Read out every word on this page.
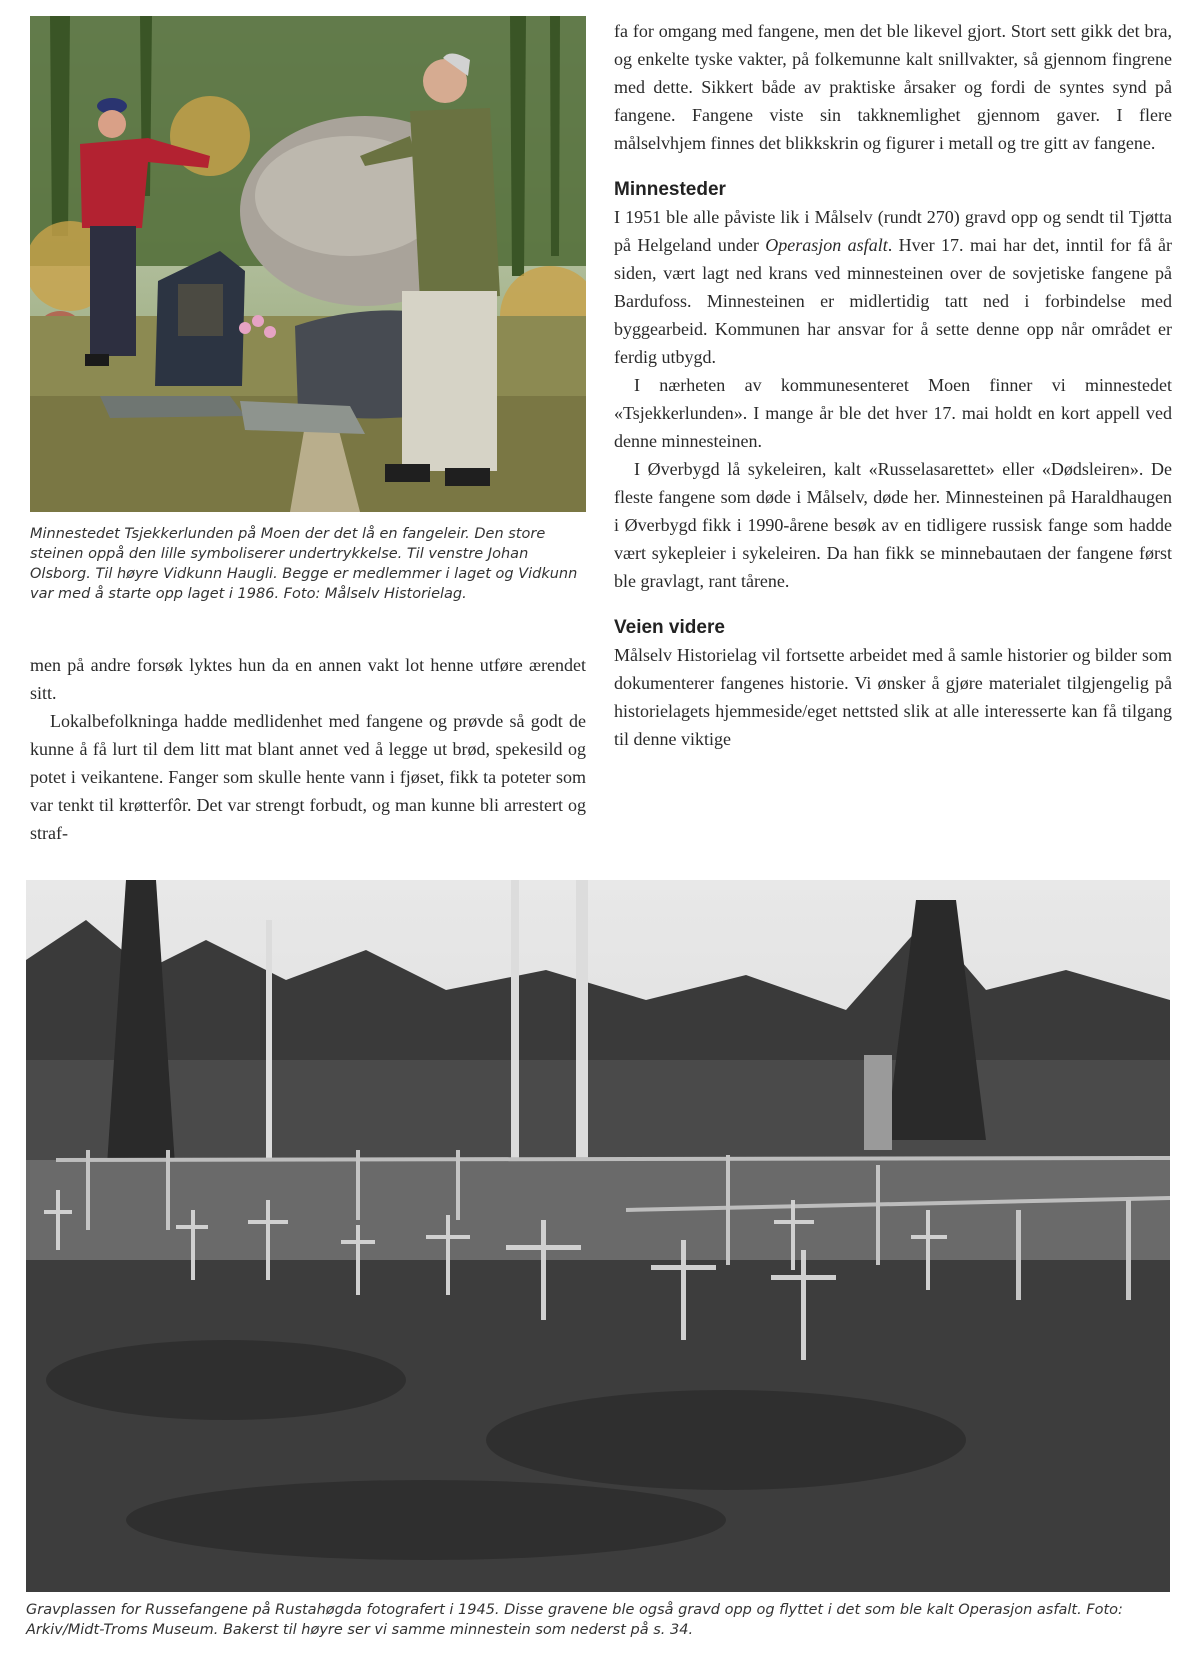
Minnestedet Tsjekkerlunden på Moen der det lå en fangeleir. Den store steinen oppå den lille symboliserer undertrykkelse. Til venstre Johan Olsborg. Til høyre Vidkunn Haugli. Begge er medlemmer i laget og Vidkunn var med å starte opp laget i 1986. Foto: Målselv Historielag.

men på andre forsøk lyktes hun da en annen vakt lot henne utføre ærendet sitt.

Lokalbefolkninga hadde medlidenhet med fangene og prøvde så godt de kunne å få lurt til dem litt mat blant annet ved å legge ut brød, spekesild og potet i veikantene. Fanger som skulle hente vann i fjøset, fikk ta poteter som var tenkt til krøtterfôr. Det var strengt forbudt, og man kunne bli arrestert og straf-

fa for omgang med fangene, men det ble likevel gjort. Stort sett gikk det bra, og enkelte tyske vakter, på folkemunne kalt snillvakter, så gjennom fingrene med dette. Sikkert både av praktiske årsaker og fordi de syntes synd på fangene. Fangene viste sin takknemlighet gjennom gaver. I flere målselvhjem finnes det blikkskrin og figurer i metall og tre gitt av fangene.

Minnesteder

I 1951 ble alle påviste lik i Målselv (rundt 270) gravd opp og sendt til Tjøtta på Helgeland under Operasjon asfalt. Hver 17. mai har det, inntil for få år siden, vært lagt ned krans ved minnesteinen over de sovjetiske fangene på Bardufoss. Minnesteinen er midlertidig tatt ned i forbindelse med byggearbeid. Kommunen har ansvar for å sette denne opp når området er ferdig utbygd.

I nærheten av kommunesenteret Moen finner vi minnestedet «Tsjekkerlunden». I mange år ble det hver 17. mai holdt en kort appell ved denne minnesteinen.

I Øverbygd lå sykeleiren, kalt «Russelasarettet» eller «Dødsleiren». De fleste fangene som døde i Målselv, døde her. Minnesteinen på Haraldhaugen i Øverbygd fikk i 1990-årene besøk av en tidligere russisk fange som hadde vært sykepleier i sykeleiren. Da han fikk se minnebautaen der fangene først ble gravlagt, rant tårene.

Veien videre

Målselv Historielag vil fortsette arbeidet med å samle historier og bilder som dokumenterer fangenes historie. Vi ønsker å gjøre materialet tilgjengelig på historielagets hjemmeside/eget nettsted slik at alle interesserte kan få tilgang til denne viktige

Gravplassen for Russefangene på Rustahøgda fotografert i 1945. Disse gravene ble også gravd opp og flyttet i det som ble kalt Operasjon asfalt. Foto: Arkiv/Midt-Troms Museum. Bakerst til høyre ser vi samme minnestein som nederst på s. 34.
